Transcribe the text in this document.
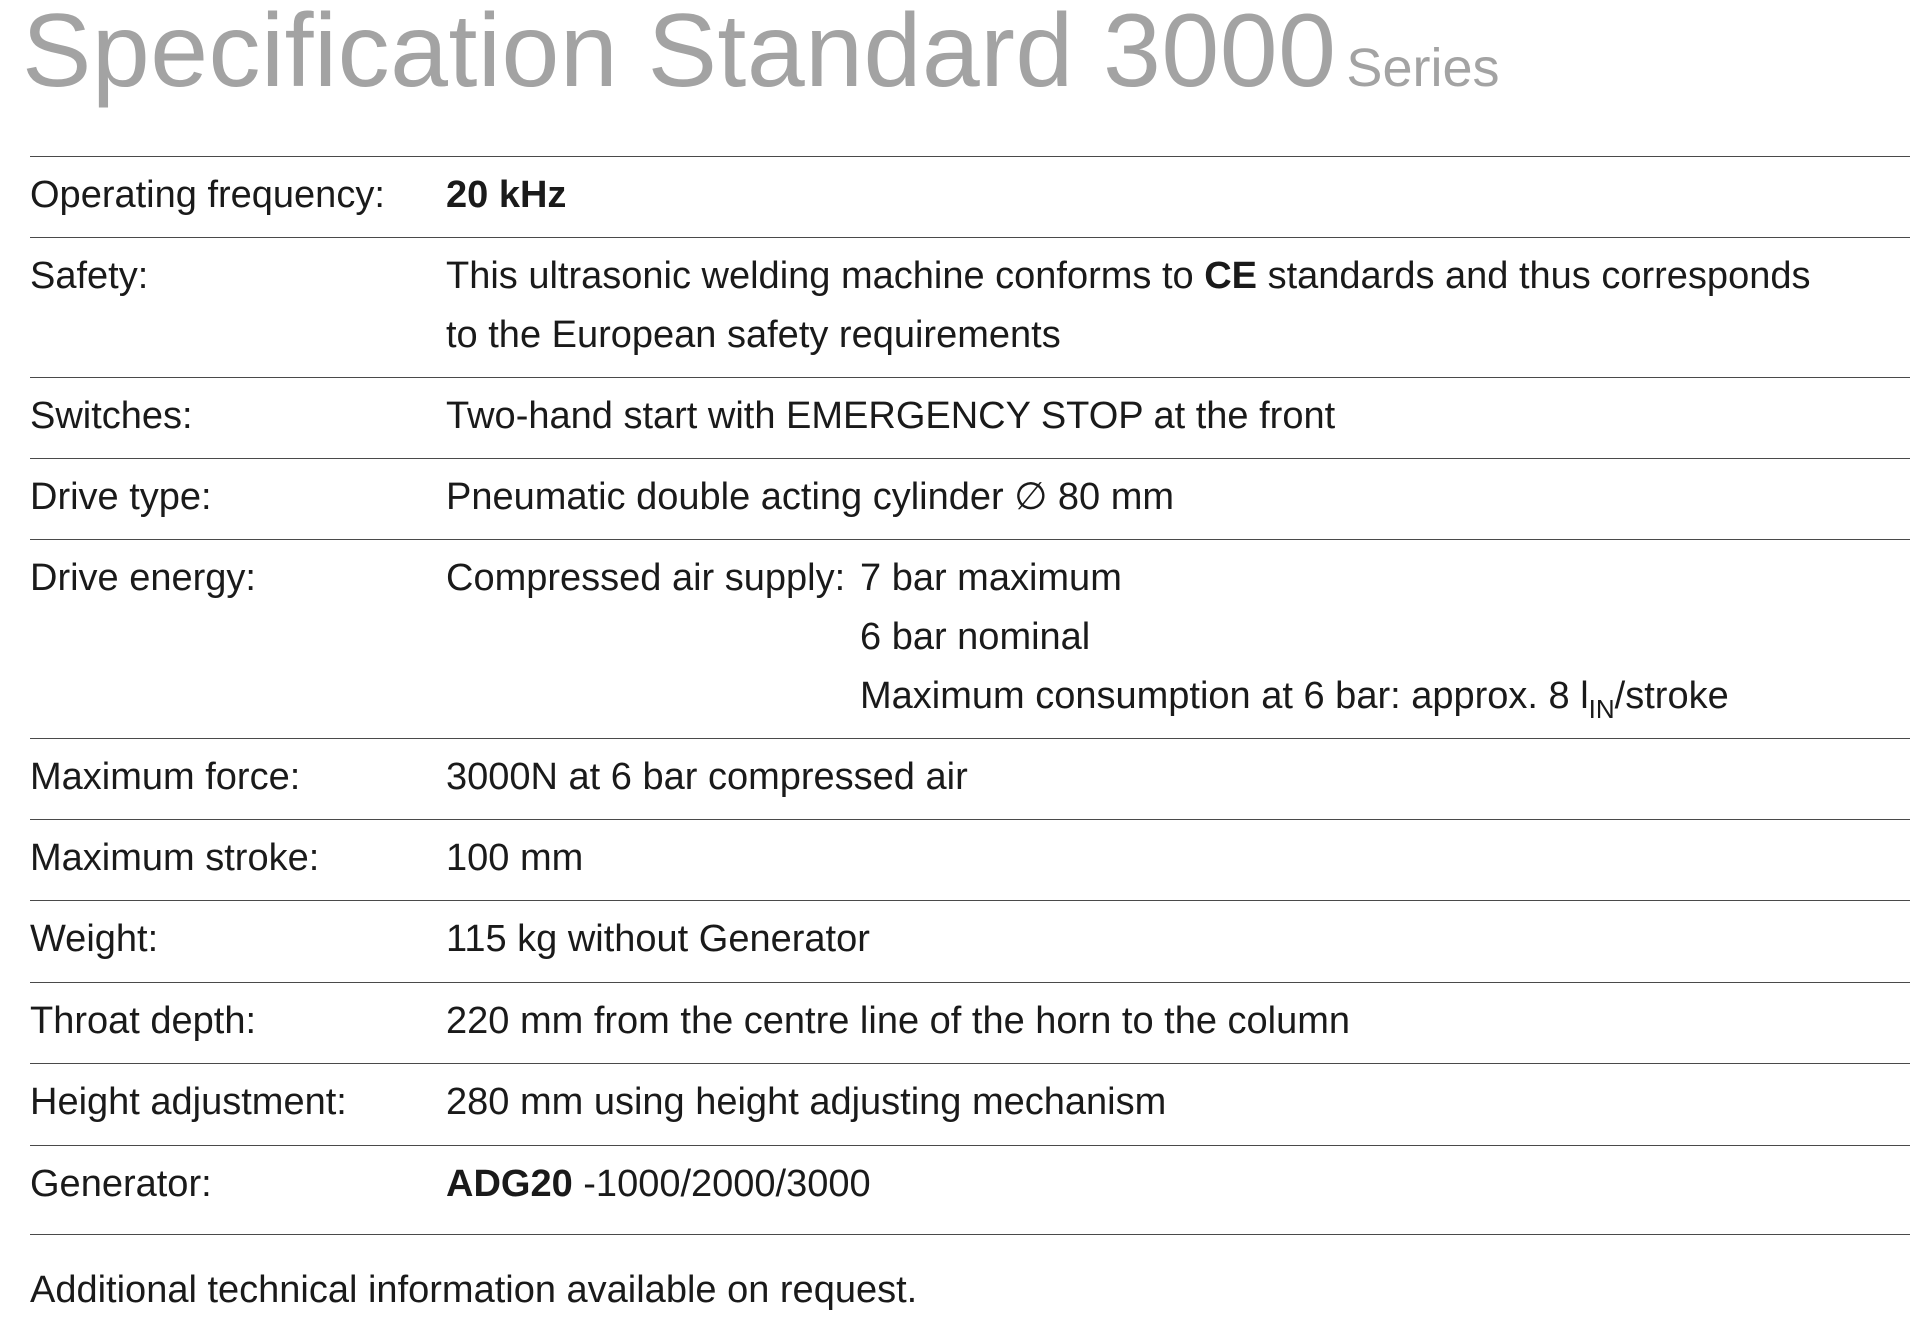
Specification Standard 3000 Series
Operating frequency: 20 kHz
Safety:	This ultrasonic welding machine conforms to CE standards and thus corresponds
to the European safety requirements
Switches:	Two-hand start with EMERGENCY STOP at the front
Drive type:	Pneumatic double acting cylinder ∅ 80 mm
Drive energy:	Compressed air supply: 7 bar maximum
6 bar nominal
Maximum consumption at 6 bar: approx. 8 $l_{IN}$/stroke
Maximum force:	3000N at 6 bar compressed air
Maximum stroke:	100 mm
Weight:	115 kg without Generator
Throat depth:	220 mm from the centre line of the horn to the column
Height adjustment:	280 mm using height adjusting mechanism
Generator:	ADG20 -1000/2000/3000
Additional technical information available on request.
